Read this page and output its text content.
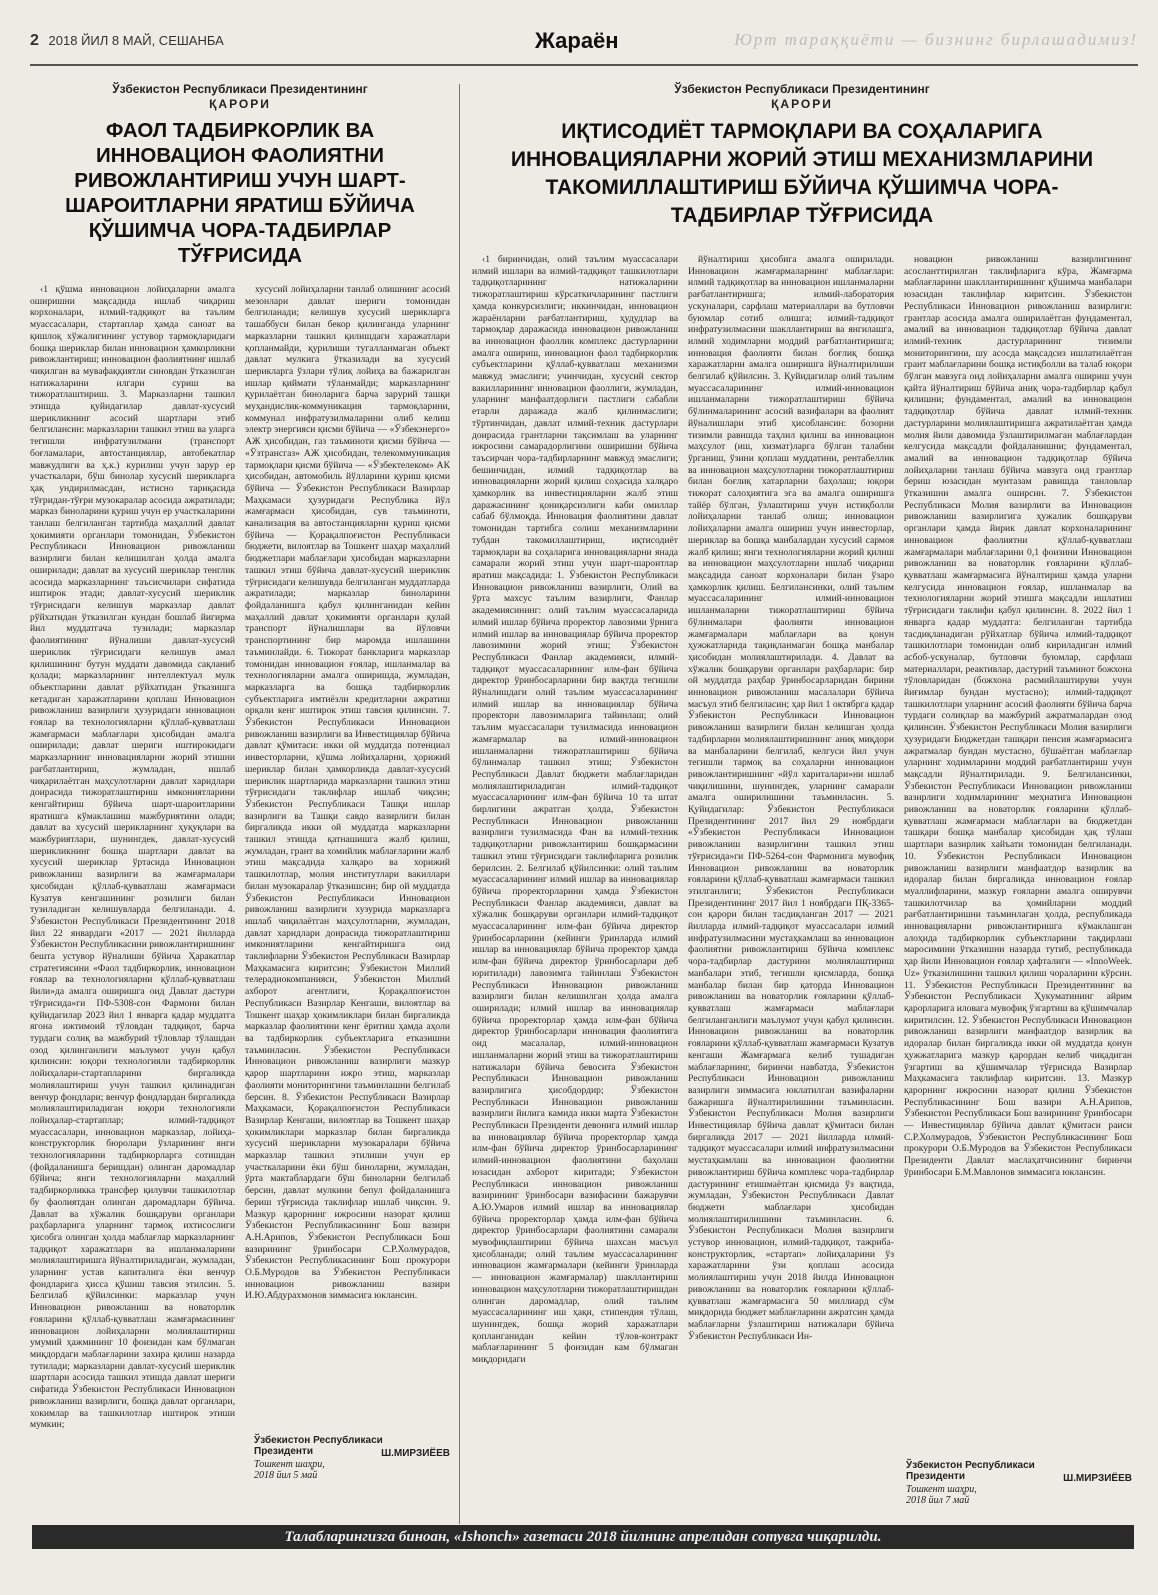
2 2018 ЙИЛ 8 МАЙ, СЕШАНБА	Жараён	Юрт тараққиёти — бизнинг бирлашадимиз!
Ўзбекистон Республикаси Президентининг
ҚАРОРИ
ФАОЛ ТАДБИРКОРЛИК ВА ИННОВАЦИОН ФАОЛИЯТНИ РИВОЖЛАНТИРИШ УЧУН ШАРТ-ШАРОИТЛАРНИ ЯРАТИШ БЎЙИЧА ҚЎШИМЧА ЧОРА-ТАДБИРЛАР ТЎҒРИСИДА

‹1 қўшма инновацион лойиҳаларни амалга оширишни мақсадида ишлаб чиқариш корхоналари, илмий-тадқиқот ва таълим муассасалари, стартаплар ҳамда саноат ва қишлоқ хўжалигининг устувор тармоқларидаги бошқа шериклар билан инновацион ҳамкорликни ривожлантириш; инновацион фаолиятнинг ишлаб чиқилган ва мувафаққиятли синовдан ўтказилган натижаларини илгари суриш ва тижоратлаштириш. 3. Марказларни ташкил этишда қуйидагилар давлат-хусусий шерикликнинг асосий шартлари этиб белгилансин: марказларни ташкил этиш ва уларга тегишли инфратузилмани (транспорт боғламалари, автостанциялар, автобекатлар мавжудлиги ва ҳ.к.) курилиш учун зарур ер участкалари, бўш бинолар хусусий шерикларга ҳақ ундирилмасдан, истисно тариқасида тўғридан-тўғри музокаралар асосида ажратилади; марказ биноларини қуриш учун ер участкаларини танлаш белгиланган тартибда маҳаллий давлат ҳокимияти органлари томонидан, Ўзбекистон Республикаси Инновацион ривожланиш вазирлиги билан келишилган ҳолда амалга оширилади; давлат ва хусусий шериклар тенглик асосида марказларнинг таъсисчилари сифатида иштирок этади; давлат-хусусий шериклик тўғрисидаги келишув марказлар давлат рўйхатидан ўтказилган кундан бошлаб йигирма йил муддатгача тузилади; марказлар фаолиятининг йўналиши давлат-хусусий шериклик тўғрисидаги келишув амал қилишининг бутун муддати давомида сақланиб қолади; марказларнинг интеллектуал мулк объектларини давлат рўйхатидан ўтказишга кетадиган харажатларини қоплаш Инновацион ривожланиш вазирлиги ҳузуридаги инновацион ғоялар ва технологияларни қўллаб-қувватлаш жамғармаси маблағлари ҳисобидан амалга оширилади; давлат шериги иштирокидаги марказларнинг инновацияларни жорий этишни рағбатлантириш, жумладан, ишлаб чиқарилаётган маҳсулотларни давлат харидлари доирасида тижоратлаштириш имкониятларини кенгайтириш бўйича шарт-шароитларини яратишга кўмаклашиш мажбуриятини олади; давлат ва хусусий шерикларнинг ҳуқуқлари ва мажбуриятлари, шунингдек, давлат-хусусий шерикликнинг бошқа шартлари давлат ва хусусий шериклар ўртасида Инновацион ривожланиш вазирлиги ва жамғармалари ҳисобидан қўллаб-қувватлаш жамғармаси Кузатув кенгашининг розилиги билан тузиладиган келишувларда белгиланади. 4. Ўзбекистон Республикаси Президентининг 2018 йил 22 январдаги «2017 — 2021 йилларда Ўзбекистон Республикасини ривожлантиришнинг бешта устувор йўналиши бўйича Ҳаракатлар стратегиясини «Фаол тадбиркорлик, инновацион ғоялар ва технологияларни қўллаб-қувватлаш йили»да амалга оширишга оид Давлат дастури тўғрисида»ги ПФ-5308-сон Фармони билан қуйидагилар 2023 йил 1 январга қадар муддатга ягона ижтимоий тўловдан тадқиқот, барча турдаги солиқ ва мажбурий тўловлар тўлашдан озод қилинганлиги маълумот учун қабул қилинсин: юқори технологияли тадбиркорлик лойиҳалари-стартапларини биргаликда молиялаштириш учун ташкил қилинадиган венчур фондлари; венчур фондлардан биргаликда молиялаштириладиган юқори технологияли лойиҳалар-стартаплар; илмий-тадқиқот муассасалари, инновацион марказлар, лойиҳа-конструкторлик бюролари ўзларининг янги технологияларини тадбиркорларга сотишдан (фойдаланишга беришдан) олинган даромадлар бўйича; янги технологияларни маҳаллий тадбиркорликка трансфер қилувчи ташкилотлар бу фаолиятдан олинган даромадлари бўйича. Давлат ва хўжалик бошқаруви органлари раҳбарларига уларнинг тармоқ ихтисослиги ҳисобга олинган ҳолда маблағлар марказларнинг тадқиқот харажатлари ва ишланмаларини молиялаштиришга йўналтириладиган, жумладан, уларнинг устав капиталига ёки венчур фондларига ҳисса қўшиш тавсия этилсин. 5. Белгилаб қўйилсинки: марказлар учун Инновацион ривожланиш ва новаторлик ғояларини қўллаб-қувватлаш жамғармасининг инновацион лойиҳаларни молиялаштириш умумий ҳажмининг 10 фоизидан кам бўлмаган миқдордаги маблағларини захира қилиш назарда тутилади; марказларни давлат-хусусий шериклик шартлари асосида ташкил этишда давлат шериги сифатида Ўзбекистон Республикаси Инновацион ривожланиш вазирлиги, бошқа давлат органлари, хокимлар ва ташкилотлар иштирок этиши мумкин;

хусусий лойиҳаларни танлаб олишнинг асосий мезонлари давлат шериги томонидан белгиланади; келишув хусусий шерикларга ташаббуси билан бекор қилинганда уларнинг марказларни ташкил қилишдаги харажатлари қопланмайди, қурилиши тугалланмаган объект давлат мулкига ўтказилади ва хусусий шерикларга ўзлари тўлиқ лойиҳа ва бажарилган ишлар қиймати тўланмайди; марказларнинг қурилаётган биноларига барча зарурий ташқи муҳандислик-коммуникация тармоқларини, коммунал инфратузилмаларини олиб келиш электр энергияси қисми бўйича — «Ўзбекэнерго» АЖ ҳисобидан, газ таъминоти қисми бўйича — «Ўзтрансгаз» АЖ ҳисобидан, телекоммуникация тармоқлари қисми бўйича — «Ўзбектелеком» АК ҳисобидан, автомобиль йўлларини қуриш қисми бўйича — Ўзбекистон Республикаси Вазирлар Маҳкамаси ҳузуридаги Республика йўл жамғармаси ҳисобидан, сув таъминоти, канализация ва автостанцияларни қуриш қисми бўйича — Қорақалпоғистон Республикаси бюджети, вилоятлар ва Тошкент шаҳар маҳаллий бюджетлари маблағлари ҳисобидан марказларни ташкил этиш бўйича давлат-хусусий шериклик тўғрисидаги келишувда белгиланган муддатларда ажратилади; марказлар биноларини фойдаланишга қабул қилинганидан кейин маҳаллий давлат ҳокимияти органлари қулай транспорт йўналишлари ва йўловчи транспортининг бир маромда ишлашини таъминлайди. 6. Тижорат банкларига марказлар томонидан инновацион ғоялар, ишланмалар ва технологияларни амалга оширишда, жумладан, марказларга ва бошқа тадбиркорлик субъектларига имтиёзли кредитларни ажратиш орқали кенг иштирок этиш тавсия қилинсин. 7. Ўзбекистон Республикаси Инновацион ривожланиш вазирлиги ва Инвестициялар бўйича давлат қўмитаси: икки ой муддатда потенциал инвесторларни, қўшма лойиҳаларни, ҳорижий шериклар билан ҳамкорликда давлат-хусусий шериклик шартларида марказларни ташкил этиш тўғрисидаги таклифлар ишлаб чиқсин; Ўзбекистон Республикаси Ташқи ишлар вазирлиги ва Ташқи савдо вазирлиги билан биргаликда икки ой муддатда марказларни ташкил этишда қатнашишга жалб қилиш, жумладан, грант ва хомийлик маблағларини жалб этиш мақсадида халқаро ва хорижий ташкилотлар, молия институтлари вакиллари билан музокаралар ўтказишсин; бир ой муддатда Ўзбекистон Республикаси Инновацион ривожланиш вазирлиги хузурида марказларга ишлаб чиқилаётган маҳсулотларни, жумладан, давлат харидлари доирасида тижоратлаштириш имкониятларини кенгайтиришга оид таклифларни Ўзбекистон Республикаси Вазирлар Маҳкамасига киритсин; Ўзбекистон Миллий телерадиокомпанияси, Ўзбекистон Миллий ахборот агентлиги, Қорақалпоғистон Республикаси Вазирлар Кенгаши, вилоятлар ва Тошкент шаҳар ҳокимликлари билан биргаликда марказлар фаолиятини кенг ёритиш ҳамда аҳоли ва тадбиркорлик субъектларига етказишни таъминласин. Ўзбекистон Республикаси Инновацион ривожланиш вазирлиги мазкур қарор шартларини ижро этиш, марказлар фаолияти мониторингини таъминлашни белгилаб берсин. 8. Ўзбекистон Республикаси Вазирлар Маҳкамаси, Қорақалпоғистон Республикаси Вазирлар Кенгаши, вилоятлар ва Тошкент шаҳар ҳокимликлари марказлар билан биргаликда хусусий шерикларни музокаралари бўйича марказлар ташкил этилиши учун ер участкаларини ёки бўш биноларни, жумладан, ўрта мактаблардаги бўш биноларни белгилаб берсин, давлат мулкини бепул фойдаланишга бериш тўғрисида таклифлар ишлаб чиқсин. 9. Мазкур қарорнинг ижросини назорат қилиш Ўзбекистон Республикасининг Бош вазири А.Н.Арипов, Ўзбекистон Республикаси Бош вазирининг ўринбосари С.Р.Холмурадов, Ўзбекистон Республикасининг Бош прокурори О.Б.Муродов ва Ўзбекистон Республикаси инновацион ривожланиш вазири И.Ю.Абдурахмонов зиммасига юклансин.

Ўзбекистон Республикаси
Президенти	Ш.МИРЗИЁЕВ
Тошкент шаҳри,
2018 йил 5 май
Ўзбекистон Республикаси Президентининг
ҚАРОРИ
ИҚТИСОДИЁТ ТАРМОҚЛАРИ ВА СОҲАЛАРИГА ИННОВАЦИЯЛАРНИ ЖОРИЙ ЭТИШ МЕХАНИЗМЛАРИНИ ТАКОМИЛЛАШТИРИШ БЎЙИЧА ҚЎШИМЧА ЧОРА-ТАДБИРЛАР ТЎҒРИСИДА

‹1 биринчидан, олий таълим муассасалари илмий ишлари ва илмий-тадқиқот ташкилотлари тадқиқотларининг натижаларини тижоратлаштириш кўрсаткичларининг пастлиги ҳамда конкурсизлиги; иккинчидан, инновацион жараёнларни рағбатлантириш, ҳудудлар ва тармоқлар даражасида инновацион ривожланиш ва инновацион фаоллик комплекс дастурларини амалга ошириш, инновацион фаол тадбиркорлик субъектларини қўллаб-қувватлаш механизми мавжуд эмаслиги; учинчидан, хусусий сектор вакилларининг инновацион фаоллиги, жумладан, уларнинг манфаатдорлиги пастлиги сабабли етарли даражада жалб қилинмаслиги; тўртинчидан, давлат илмий-техник дастурлари доирасида грантларни тақсимлаш ва уларнинг ижросини самарадорлигини оширишни бўйича таъсирчан чора-тадбирларнинг мавжуд эмаслиги; бешинчидан, илмий тадқиқотлар ва инновацияларни жорий қилиш соҳасида халқаро ҳамкорлик ва инвестицияларни жалб этиш даражасининг қониқарсизлиги каби омиллар сабаб бўлмоқда. Инновация фаолиятини давлат томонидан тартибга солиш механизмларини тубдан такомиллаштириш, иқтисодиёт тармоқлари ва соҳаларига инновацияларни янада самарали жорий этиш учун шарт-шароитлар яратиш мақсадида: 1. Ўзбекистон Республикаси Инновацион ривожланиш вазирлиги, Олий ва ўрта махсус таълим вазирлиги, Фанлар академиясининг: олий таълим муассасаларида илмий ишлар бўйича проректор лавозими ўрнига илмий ишлар ва инновациялар бўйича проректор лавозимини жорий этиш; Ўзбекистон Республикаси Фанлар академияси, илмий-тадқиқот муассасаларининг илм-фан бўйича директор ўринбосарларини бир вақтда тегишли йўналишдаги олий таълим муассасаларининг илмий ишлар ва инновациялар бўйича проректори лавозимларига тайинлаш; олий таълим муассасалари тузилмасида инновацион жамғармалар ва илмий-инновацион ишланмаларни тижоратлаштириш бўйича бўлинмалар ташкил этиш; Ўзбекистон Республикаси Давлат бюджети маблағларидан молиялаштириладиган илмий-тадқиқот муассасаларининг илм-фан бўйича 10 та штат бирлигини ажратган ҳолда, Ўзбекистон Республикаси Инновацион ривожланиш вазирлиги тузилмасида Фан ва илмий-техник тадқиқотларни ривожлантириш бошқармасини ташкил этиш тўғрисидаги таклифларига розилик берилсин. 2. Белгилаб қўйилсинки: олий таълим муассасаларининг илмий ишлар ва инновациялар бўйича проректорларини ҳамда Ўзбекистон Республикаси Фанлар академияси, давлат ва хўжалик бошқаруви органлари илмий-тадқиқот муассасаларининг илм-фан бўйича директор ўринбосарларини (кейинги ўринларда илмий ишлар ва инновациялар бўйича проректор ҳамда илм-фан бўйича директор ўринбосарлари деб юритилади) лавозимга тайинлаш Ўзбекистон Республикаси Инновацион ривожланиш вазирлиги билан келишилган ҳолда амалга оширилади; илмий ишлар ва инновациялар бўйича проректорлар ҳамда илм-фан бўйича директор ўринбосарлари инновация фаолиятига оид масалалар, илмий-инновацион ишланмаларни жорий этиш ва тижоратлаштириш натижалари бўйича бевосита Ўзбекистон Республикаси Инновацион ривожланиш вазирлигига ҳисобдордир; Ўзбекистон Республикаси Инновацион ривожланиш вазирлиги йилига камида икки марта Ўзбекистон Республикаси Президенти девонига илмий ишлар ва инновациялар бўйича проректорлар ҳамда илм-фан бўйича директор ўринбосарларининг илмий-инновацион фаолиятини баҳолаш юзасидан ахборот киритади; Ўзбекистон Республикаси инновацион ривожланиш вазирининг ўринбосари вазифасини бажарувчи А.Ю.Умаров илмий ишлар ва инновациялар бўйича проректорлар ҳамда илм-фан бўйича директор ўринбосарлари фаолиятини самарали мувофиқлаштириш бўйича шахсан масъул ҳисобланади; олий таълим муассасаларининг инновацион жамғармалари (кейинги ўринларда — инновацион жамғармалар) шакллантириш инновацион маҳсулотларни тижоратлаштиришдан олинган даромадлар, олий таълим муассасаларининг иш ҳақи, стипендия тўлаш, шунингдек, бошқа жорий харажатлари қопланганидан кейин тўлов-контракт маблағларининг 5 фоизидан кам бўлмаган миқдоридаги

йўналтириш ҳисобига амалга оширилади. Инновацион жамғармаларнинг маблағлари: илмий тадқиқотлар ва инновацион ишланмаларни рағбатлантиришга; илмий-лаборатория ускуналари, сарфлаш материаллари ва бутловчи буюмлар сотиб олишга; илмий-тадқиқот инфратузилмасини шакллантириш ва янгилашга, илмий ходимларни моддий рағбатлантиришга; инновация фаолияти билан боғлиқ бошқа харажатларни амалга оширишга йўналтирилиши белгилаб қўйилсин. 3. Қуйидагилар олий таълим муассасаларининг илмий-инновацион ишланмаларни тижоратлаштириш бўйича бўлинмаларининг асосий вазифалари ва фаолият йўналишлари этиб ҳисоблансин: бозорни тизимли равишда таҳлил қилиш ва инновацион маҳсулот (иш, хизмат)ларга бўлган талабни ўрганиш, ўзини қоплаш муддатини, рентабеллик ва инновацион маҳсулотларни тижоратлаштириш билан боғлиқ хатарларни баҳолаш; юқори тижорат салоҳиятига эга ва амалга оширишга тайёр бўлган, ўзлаштириш учун истиқболли лойиҳаларни танлаб олиш; инновацион лойиҳаларни амалга ошириш учун инвесторлар, шериклар ва бошқа манбалардан хусусий сармоя жалб қилиш; янги технологияларни жорий қилиш ва инновацион маҳсулотларни ишлаб чиқариш мақсадида саноат корхоналари билан ўзаро ҳамкорлик қилиш. Белгилансинки, олий таълим муассасаларининг илмий-инновацион ишланмаларни тижоратлаштириш бўйича бўлинмалари фаолияти инновацион жамғармалари маблағлари ва қонун ҳужжатларида тақиқланмаган бошқа манбалар ҳисобидан молиялаштирилади. 4. Давлат ва хўжалик бошқаруви органлари раҳбарлари: бир ой муддатда раҳбар ўринбосарларидан бирини инновацион ривожланиш масалалари бўйича масъул этиб белгиласин; ҳар йил 1 октябрга қадар Ўзбекистон Республикаси Инновацион ривожланиш вазирлиги билан келишган ҳолда тадбирларни молиялаштиришнинг аниқ миқдори ва манбаларини белгилаб, келгуси йил учун тегишли тармоқ ва соҳаларни инновацион ривожлантиришнинг «йўл хариталари»ни ишлаб чиқилишини, шунингдек, уларнинг самарали амалга оширилишини таъминласин. 5. Қуйидагилар: Ўзбекистон Республикаси Президентининг 2017 йил 29 ноябрдаги «Ўзбекистон Республикаси Инновацион ривожланиш вазирлигини ташкил этиш тўғрисида»ги ПФ-5264-сон Фармонига мувофиқ Инновацион ривожланиш ва новаторлик ғояларини қўллаб-қувватлаш жамғармаси ташкил этилганлиги; Ўзбекистон Республикаси Президентининг 2017 йил 1 ноябрдаги ПҚ-3365-сон қарори билан тасдиқланган 2017 — 2021 йилларда илмий-тадқиқот муассасалари илмий инфратузилмасини мустаҳкамлаш ва инновацион фаолиятни ривожлантириш бўйича комплекс чора-тадбирлар дастурини молиялаштириш манбалари этиб, тегишли қисмларда, бошқа манбалар билан бир қаторда Инновацион ривожланиш ва новаторлик ғояларини қўллаб-қувватлаш жамғармаси маблағлари белгиланганлиги маълумот учун қабул қилинсин. Инновацион ривожланиш ва новаторлик ғояларини қўллаб-қувватлаш жамғармаси Кузатув кенгаши Жамғармага келиб тушадиган маблағларнинг, биринчи навбатда, Ўзбекистон Республикаси Инновацион ривожланиш вазирлиги зиммасига юклатилган вазифаларни бажаришга йўналтирилишини таъминласин. Ўзбекистон Республикаси Молия вазирлиги Инвестициялар бўйича давлат қўмитаси билан биргаликда 2017 — 2021 йилларда илмий-тадқиқот муассасалари илмий инфратузилмасини мустаҳкамлаш ва инновацион фаолиятни ривожлантириш бўйича комплекс чора-тадбирлар дастурининг етишмаётган қисмида ўз вақтида, жумладан, Ўзбекистон Республикаси Давлат бюджети маблағлари ҳисобидан молиялаштирилишини таъминласин. 6. Ўзбекистон Республикаси Молия вазирлиги устувор инновацион, илмий-тадқиқот, тажриба-конструкторлик, «стартап» лойиҳаларини ўз харажатларини ўзи қоплаш асосида молиялаштириш учун 2018 йилда Инновацион ривожланиш ва новаторлик ғояларини қўллаб-қувватлаш жамғармасига 50 миллиард сўм миқдорида бюджет маблағларини ажратсин ҳамда маблағларни ўзлаштириш натижалари бўйича Ўзбекистон Республикаси Ин-

новацион ривожланиш вазирлигининг асосланттирилган таклифларига кўра, Жамғарма маблағларини шакллантиришнинг қўшимча манбалари юзасидан таклифлар киритсин. Ўзбекистон Республикаси Инновацион ривожланиш вазирлиги: грантлар асосида амалга оширилаётган фундаментал, амалий ва инновацион тадқиқотлар бўйича давлат илмий-техник дастурларининг тизимли мониторингини, шу асосда мақсадсиз ишлатилаётган грант маблағларини бошқа истиқболли ва талаб юқори бўлган мавзуга оид лойиҳаларни амалга ошириш учун қайта йўналтириш бўйича аниқ чора-тадбирлар қабул қилишни; фундаментал, амалий ва инновацион тадқиқотлар бўйича давлат илмий-техник дастурларини молиялаштиришга ажратилаётган ҳамда молия йили давомида ўзлаштирилмаган маблағлардан келгусида мақсадли фойдаланишни; фундаментал, амалий ва инновацион тадқиқотлар бўйича лойиҳаларни танлаш бўйича мавзуга оид грантлар бериш юзасидан мунтазам равишда танловлар ўтказишни амалга оширсин. 7. Ўзбекистон Республикаси Молия вазирлиги ва Инновацион ривожланиш вазирлигига ҳужалик бошқаруви органлари ҳамда йирик давлат корхоналарининг инновацион фаолиятни қўллаб-қувватлаш жамғармалари маблағларини 0,1 фоизини Инновацион ривожланиш ва новаторлик ғояларини қўллаб-қувватлаш жамғармасига йўналтириш ҳамда уларни келгусида инновацион ғоялар, ишланмалар ва технологияларни жорий этишга мақсадли ишлатиш тўғрисидаги таклифи қабул қилинсин. 8. 2022 йил 1 январга қадар муддатга: белгиланган тартибда тасдиқланадиган рўйхатлар бўйича илмий-тадқиқот ташкилотлари томонидан олиб кириладиган илмий асбоб-ускуналар, бутловчи буюмлар, сарфлаш материаллари, реактивлар, дастурий таъминот божхона тўловларидан (божхона расмийлаштируви учун йиғимлар бундан мустасно); илмий-тадқиқот ташкилотлари уларнинг асосий фаолияти бўйича барча турдаги солиқлар ва мажбурий ажратмалардан озод қилинсин. Ўзбекистон Республикаси Молия вазирлиги ҳузуридаги Бюджетдан ташқари пенсия жамғармасига ажратмалар бундан мустасно, бўшаётган маблағлар уларнинг ходимларини моддий рағбатлантириш учун мақсадли йўналтирилади. 9. Белгилансинки, Ўзбекистон Республикаси Инновацион ривожланиш вазирлиги ходимларининг меҳнатига Инновацион ривожланиш ва новаторлик ғояларини қўллаб-қувватлаш жамғармаси маблағлари ва бюджетдан ташқари бошқа манбалар ҳисобидан ҳақ тўлаш шартлари вазирлик хайъати томонидан белгиланади. 10. Ўзбекистон Республикаси Инновацион ривожланиш вазирлиги манфаатдор вазирлик ва идоралар билан биргаликда инновацион ғоялар муаллифларини, мазкур ғояларни амалга оширувчи ташкилотчилар ва ҳомийларни моддий рағбатлантиришни таъминлаган ҳолда, республикада инновацияларни ривожлантиришга кўмаклашган алоҳида тадбиркорлик субъектларини тақдирлаш маросимини ўтказишни назарда тутиб, республикада ҳар йили Инновацион ғоялар ҳафталиги — «InnoWeek. Uz» ўтказилишини ташкил қилиш чораларини кўрсин. 11. Ўзбекистон Республикаси Президентининг ва Ўзбекистон Республикаси Ҳукуматининг айрим қарорларига иловага мувофиқ ўзгартиш ва қўшимчалар киритилсин. 12. Ўзбекистон Республикаси Инновацион ривожланиш вазирлиги манфаатдор вазирлик ва идоралар билан биргаликда икки ой муддатда қонун ҳужжатларига мазкур қарордан келиб чиқадиган ўзгартиш ва қўшимчалар тўғрисида Вазирлар Маҳкамасига таклифлар киритсин. 13. Мазкур қарорнинг ижросини назорат қилиш Ўзбекистон Республикасининг Бош вазири А.Н.Арипов, Ўзбекистон Республикаси Бош вазирининг ўринбосари — Инвестициялар бўйича давлат қўмитаси раиси С.Р.Холмурадов, Ўзбекистон Республикасининг Бош прокурори О.Б.Муродов ва Ўзбекистон Республикаси Президенти Давлат маслаҳатчисининг биринчи ўринбосари Б.М.Мавлонов зиммасига юклансин.

Ўзбекистон Республикаси
Президенти	Ш.МИРЗИЁЕВ
Тошкент шаҳри,
2018 йил 7 май
Талабларингизга биноан, «Ishonch» газетаси 2018 йилнинг апрелидан сотувга чиқарилди.
